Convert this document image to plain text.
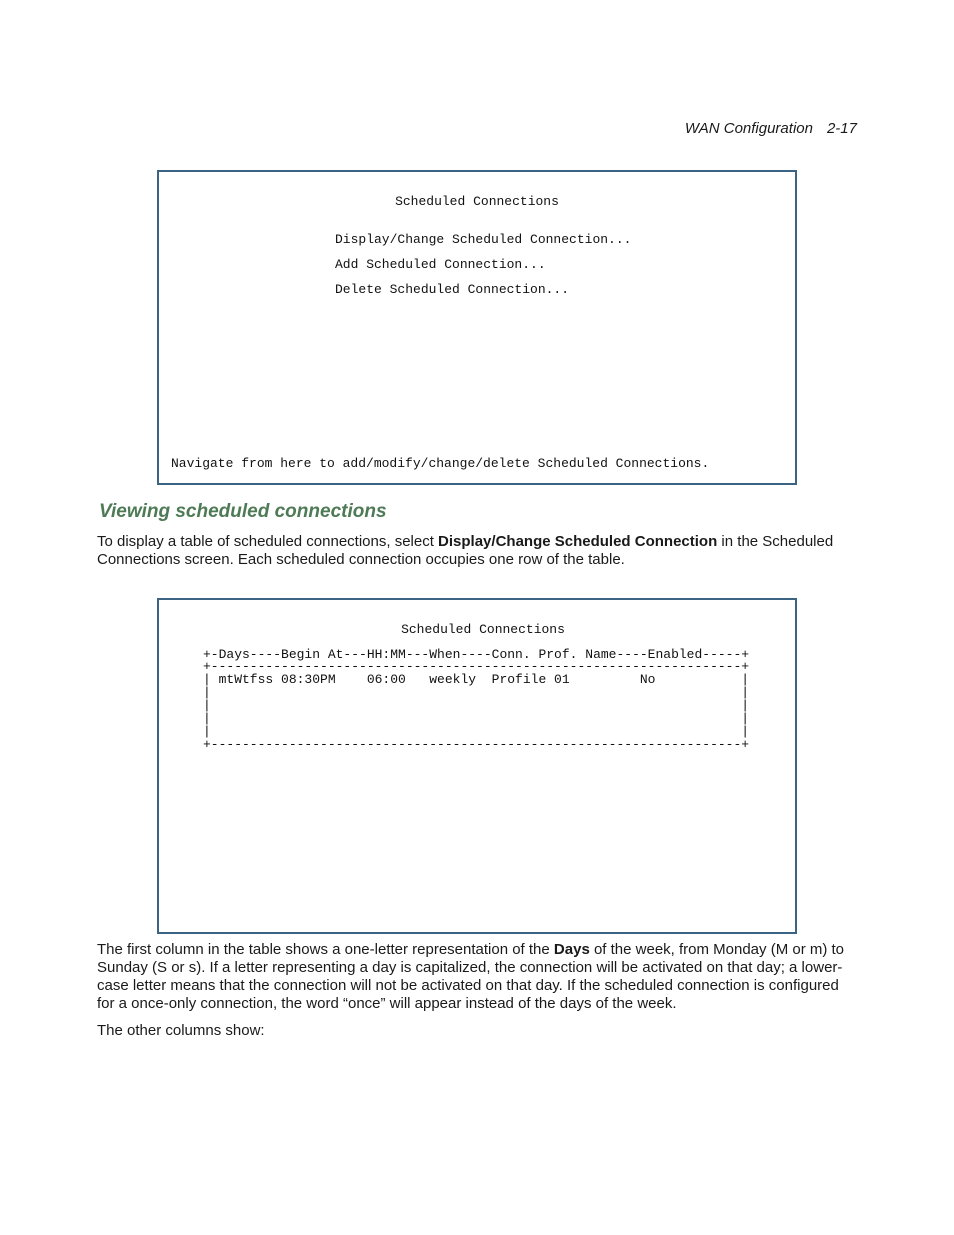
WAN Configuration 2-17
Scheduled Connections
Display/Change Scheduled Connection...
Add Scheduled Connection...
Delete Scheduled Connection...
Navigate from here to add/modify/change/delete Scheduled Connections.
Viewing scheduled connections
To display a table of scheduled connections, select Display/Change Scheduled Connection in the Scheduled Connections screen. Each scheduled connection occupies one row of the table.
Scheduled Connections
+-Days----Begin At---HH:MM---When----Conn. Prof. Name----Enabled-----+
+--------------------------------------------------------------------+
| mtWtfss 08:30PM    06:00   weekly  Profile 01         No           |
|                                                                    |
|                                                                    |
|                                                                    |
|                                                                    |
+--------------------------------------------------------------------+
The first column in the table shows a one-letter representation of the Days of the week, from Monday (M or m) to Sunday (S or s). If a letter representing a day is capitalized, the connection will be activated on that day; a lower-case letter means that the connection will not be activated on that day. If the scheduled connection is configured for a once-only connection, the word “once” will appear instead of the days of the week.
The other columns show:
